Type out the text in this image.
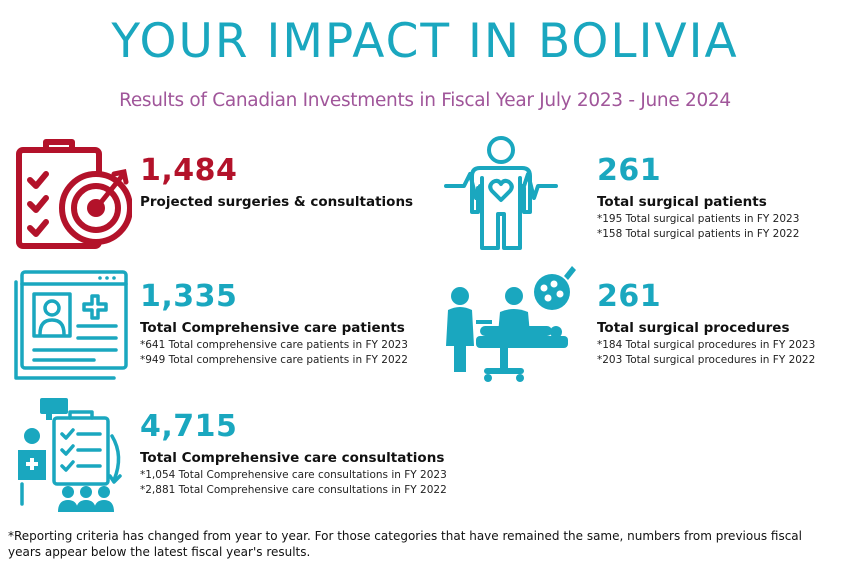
YOUR IMPACT IN BOLIVIA
Results of Canadian Investments in Fiscal Year July 2023 - June 2024
1,484
Projected surgeries & consultations
261
Total surgical patients
*195 Total surgical patients in FY 2023
*158 Total surgical patients in FY 2022
1,335
Total Comprehensive care patients
*641 Total comprehensive care patients in FY 2023
*949 Total comprehensive care patients in FY 2022
261
Total surgical procedures
*184 Total surgical procedures in FY 2023
*203 Total surgical procedures in FY 2022
4,715
Total Comprehensive care consultations
*1,054 Total Comprehensive care consultations in FY 2023
*2,881 Total Comprehensive care consultations in FY 2022
*Reporting criteria has changed from year to year. For those categories that have remained the same, numbers from previous fiscal years appear below the latest fiscal year's results.
